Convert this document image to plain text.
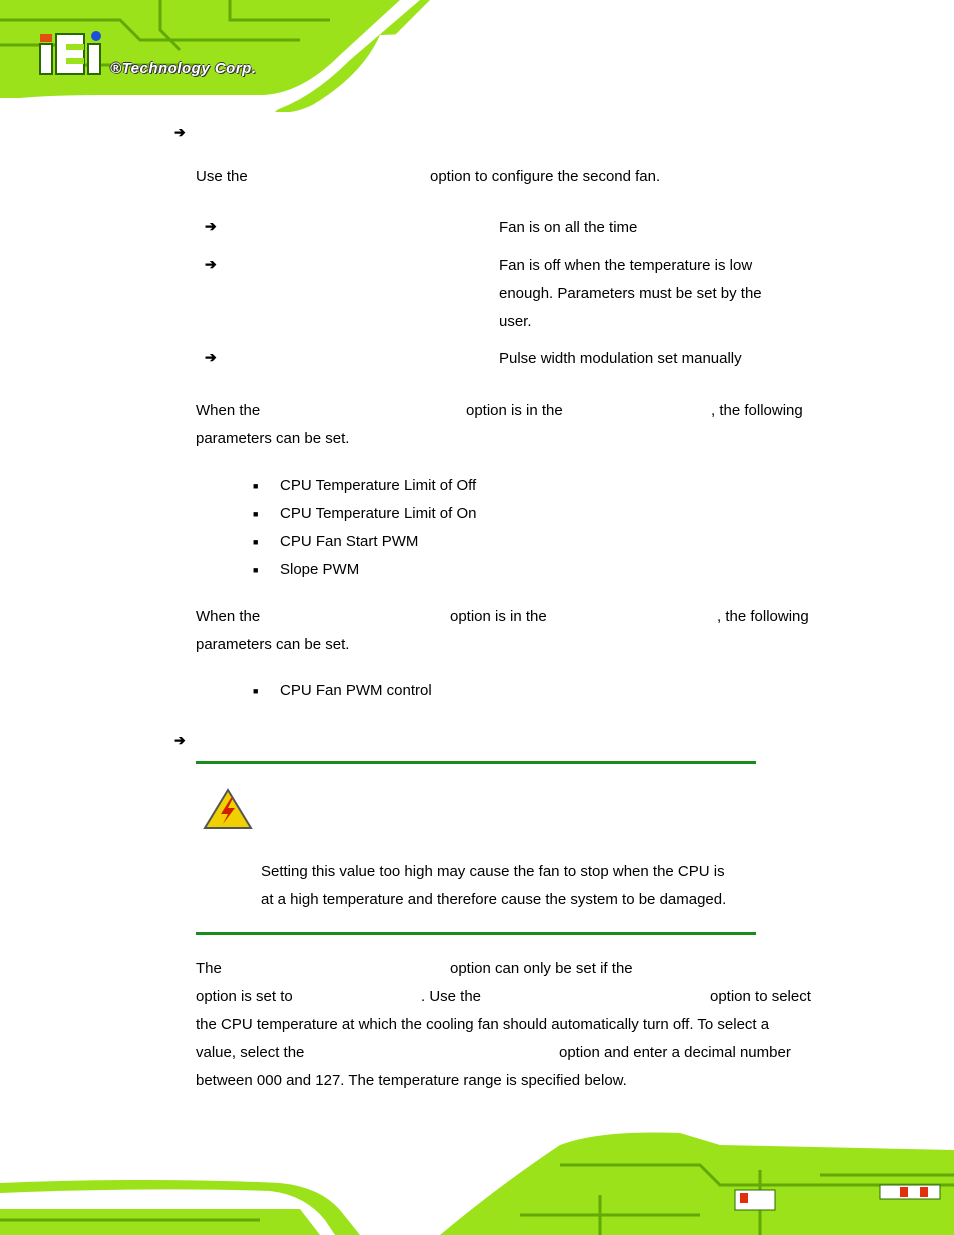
®Technology Corp.
➔
Use the	option to configure the second fan.
➔	Fan is on all the time
➔	Fan is off when the temperature is low
enough. Parameters must be set by the
user.
➔	Pulse width modulation set manually
When the	option is in the	, the following
parameters can be set.
■ CPU Temperature Limit of Off
■ CPU Temperature Limit of On
■ CPU Fan Start PWM
■ Slope PWM
When the	option is in the	, the following
parameters can be set.
■ CPU Fan PWM control
➔
Setting this value too high may cause the fan to stop when the CPU is
at a high temperature and therefore cause the system to be damaged.
The	option can only be set if the
option is set to	. Use the	option to select
the CPU temperature at which the cooling fan should automatically turn off. To select a
value, select the	option and enter a decimal number
between 000 and 127. The temperature range is specified below.
